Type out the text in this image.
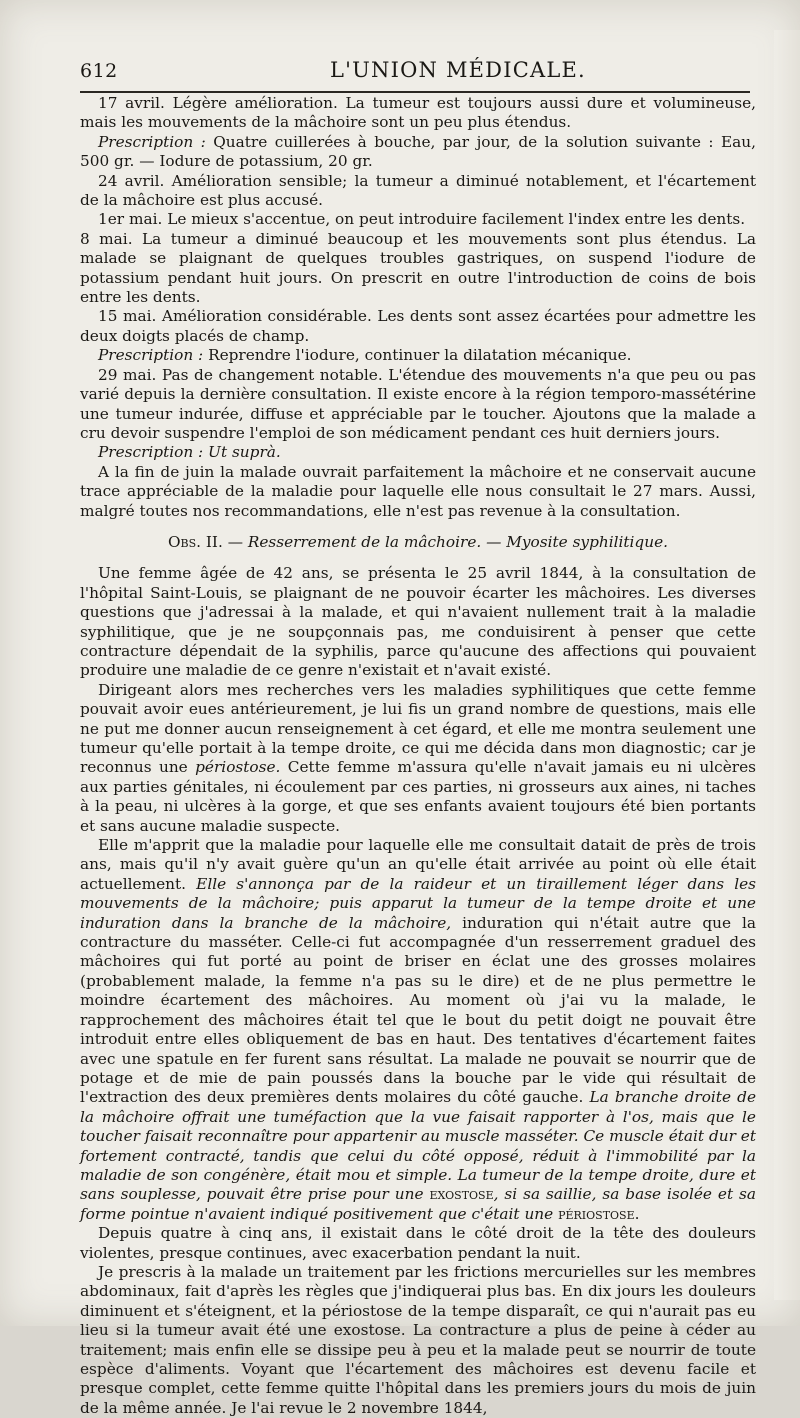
612	L'UNION MÉDICALE.

17 avril. Légère amélioration. La tumeur est toujours aussi dure et volumineuse, mais les mouvements de la mâchoire sont un peu plus étendus.

Prescription : Quatre cuillerées à bouche, par jour, de la solution suivante : Eau, 500 gr. — Iodure de potassium, 20 gr.

24 avril. Amélioration sensible; la tumeur a diminué notablement, et l'écartement de la mâchoire est plus accusé.

1er mai. Le mieux s'accentue, on peut introduire facilement l'index entre les dents.

8 mai. La tumeur a diminué beaucoup et les mouvements sont plus étendus. La malade se plaignant de quelques troubles gastriques, on suspend l'iodure de potassium pendant huit jours. On prescrit en outre l'introduction de coins de bois entre les dents.

15 mai. Amélioration considérable. Les dents sont assez écartées pour admettre les deux doigts placés de champ.

Prescription : Reprendre l'iodure, continuer la dilatation mécanique.

29 mai. Pas de changement notable. L'étendue des mouvements n'a que peu ou pas varié depuis la dernière consultation. Il existe encore à la région temporo-massétérine une tumeur indurée, diffuse et appréciable par le toucher. Ajoutons que la malade a cru devoir suspendre l'emploi de son médicament pendant ces huit derniers jours.

Prescription : Ut suprà.

A la fin de juin la malade ouvrait parfaitement la mâchoire et ne conservait aucune trace appréciable de la maladie pour laquelle elle nous consultait le 27 mars. Aussi, malgré toutes nos recommandations, elle n'est pas revenue à la consultation.

Obs. II. — Resserrement de la mâchoire. — Myosite syphilitique.

Une femme âgée de 42 ans, se présenta le 25 avril 1844, à la consultation de l'hôpital Saint-Louis, se plaignant de ne pouvoir écarter les mâchoires. Les diverses questions que j'adressai à la malade, et qui n'avaient nullement trait à la maladie syphilitique, que je ne soupçonnais pas, me conduisirent à penser que cette contracture dépendait de la syphilis, parce qu'aucune des affections qui pouvaient produire une maladie de ce genre n'existait et n'avait existé.

Dirigeant alors mes recherches vers les maladies syphilitiques que cette femme pouvait avoir eues antérieurement, je lui fis un grand nombre de questions, mais elle ne put me donner aucun renseignement à cet égard, et elle me montra seulement une tumeur qu'elle portait à la tempe droite, ce qui me décida dans mon diagnostic; car je reconnus une périostose. Cette femme m'assura qu'elle n'avait jamais eu ni ulcères aux parties génitales, ni écoulement par ces parties, ni grosseurs aux aines, ni taches à la peau, ni ulcères à la gorge, et que ses enfants avaient toujours été bien portants et sans aucune maladie suspecte.

Elle m'apprit que la maladie pour laquelle elle me consultait datait de près de trois ans, mais qu'il n'y avait guère qu'un an qu'elle était arrivée au point où elle était actuellement. Elle s'annonça par de la raideur et un tiraillement léger dans les mouvements de la mâchoire; puis apparut la tumeur de la tempe droite et une induration dans la branche de la mâchoire, induration qui n'était autre que la contracture du masséter. Celle-ci fut accompagnée d'un resserrement graduel des mâchoires qui fut porté au point de briser en éclat une des grosses molaires (probablement malade, la femme n'a pas su le dire) et de ne plus permettre le moindre écartement des mâchoires. Au moment où j'ai vu la malade, le rapprochement des mâchoires était tel que le bout du petit doigt ne pouvait être introduit entre elles obliquement de bas en haut. Des tentatives d'écartement faites avec une spatule en fer furent sans résultat. La malade ne pouvait se nourrir que de potage et de mie de pain poussés dans la bouche par le vide qui résultait de l'extraction des deux premières dents molaires du côté gauche. La branche droite de la mâchoire offrait une tuméfaction que la vue faisait rapporter à l'os, mais que le toucher faisait reconnaître pour appartenir au muscle masséter. Ce muscle était dur et fortement contracté, tandis que celui du côté opposé, réduit à l'immobilité par la maladie de son congénère, était mou et simple. La tumeur de la tempe droite, dure et sans souplesse, pouvait être prise pour une exostose, si sa saillie, sa base isolée et sa forme pointue n'avaient indiqué positivement que c'était une périostose.

Depuis quatre à cinq ans, il existait dans le côté droit de la tête des douleurs violentes, presque continues, avec exacerbation pendant la nuit.

Je prescris à la malade un traitement par les frictions mercurielles sur les membres abdominaux, fait d'après les règles que j'indiquerai plus bas. En dix jours les douleurs diminuent et s'éteignent, et la périostose de la tempe disparaît, ce qui n'aurait pas eu lieu si la tumeur avait été une exostose. La contracture a plus de peine à céder au traitement; mais enfin elle se dissipe peu à peu et la malade peut se nourrir de toute espèce d'aliments. Voyant que l'écartement des mâchoires est devenu facile et presque complet, cette femme quitte l'hôpital dans les premiers jours du mois de juin de la même année. Je l'ai revue le 2 novembre 1844,
